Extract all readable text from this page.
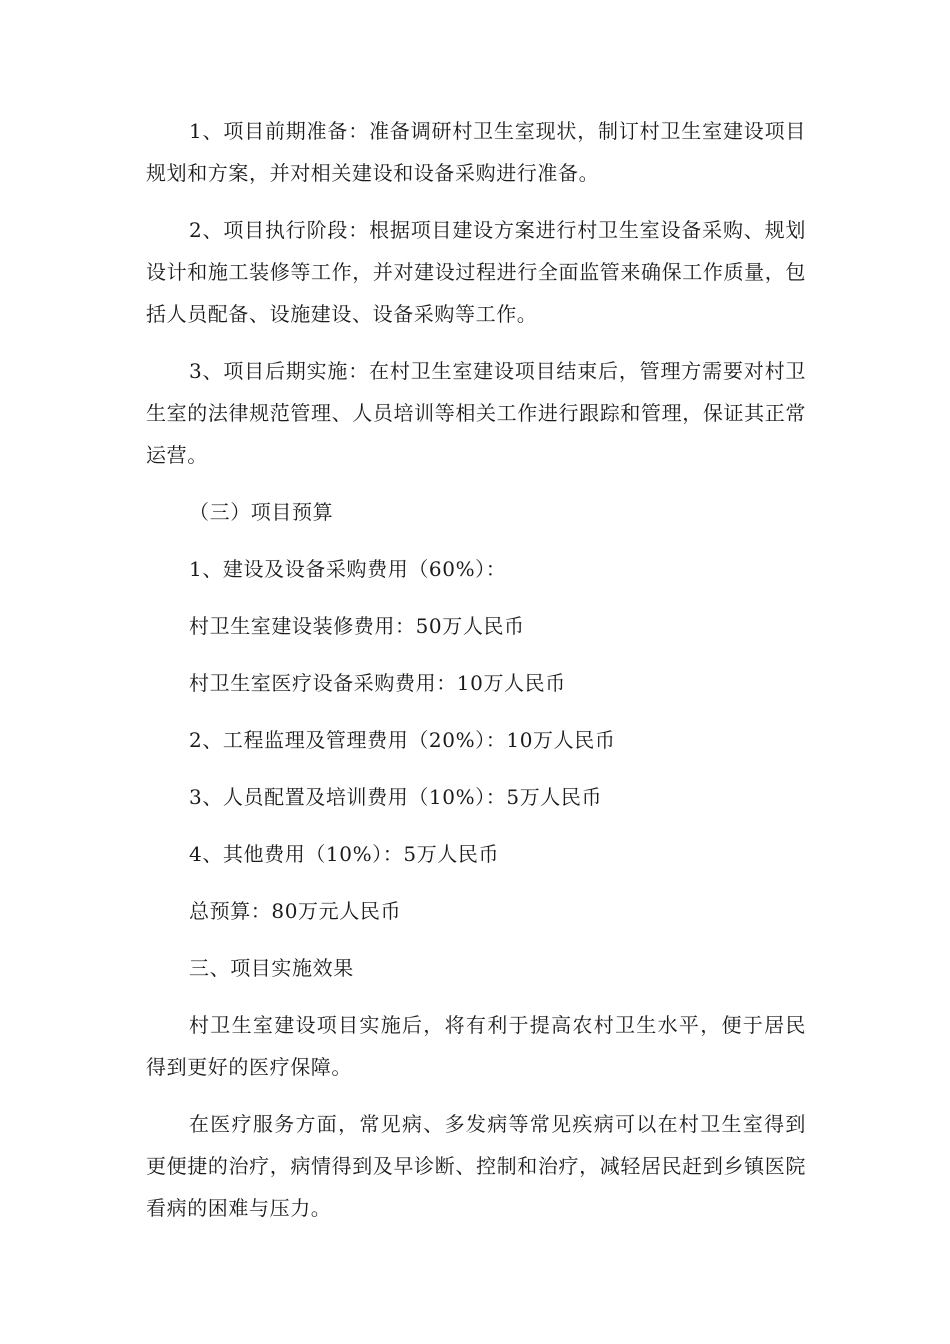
1、项目前期准备：准备调研村卫生室现状，制订村卫生室建设项目规划和方案，并对相关建设和设备采购进行准备。

2、项目执行阶段：根据项目建设方案进行村卫生室设备采购、规划设计和施工装修等工作，并对建设过程进行全面监管来确保工作质量，包括人员配备、设施建设、设备采购等工作。

3、项目后期实施：在村卫生室建设项目结束后，管理方需要对村卫生室的法律规范管理、人员培训等相关工作进行跟踪和管理，保证其正常运营。

（三）项目预算

1、建设及设备采购费用（60%）：

村卫生室建设装修费用：50万人民币

村卫生室医疗设备采购费用：10万人民币

2、工程监理及管理费用（20%）：10万人民币

3、人员配置及培训费用（10%）：5万人民币

4、其他费用（10%）：5万人民币

总预算：80万元人民币

三、项目实施效果

村卫生室建设项目实施后，将有利于提高农村卫生水平，便于居民得到更好的医疗保障。

在医疗服务方面，常见病、多发病等常见疾病可以在村卫生室得到更便捷的治疗，病情得到及早诊断、控制和治疗，减轻居民赶到乡镇医院看病的困难与压力。
